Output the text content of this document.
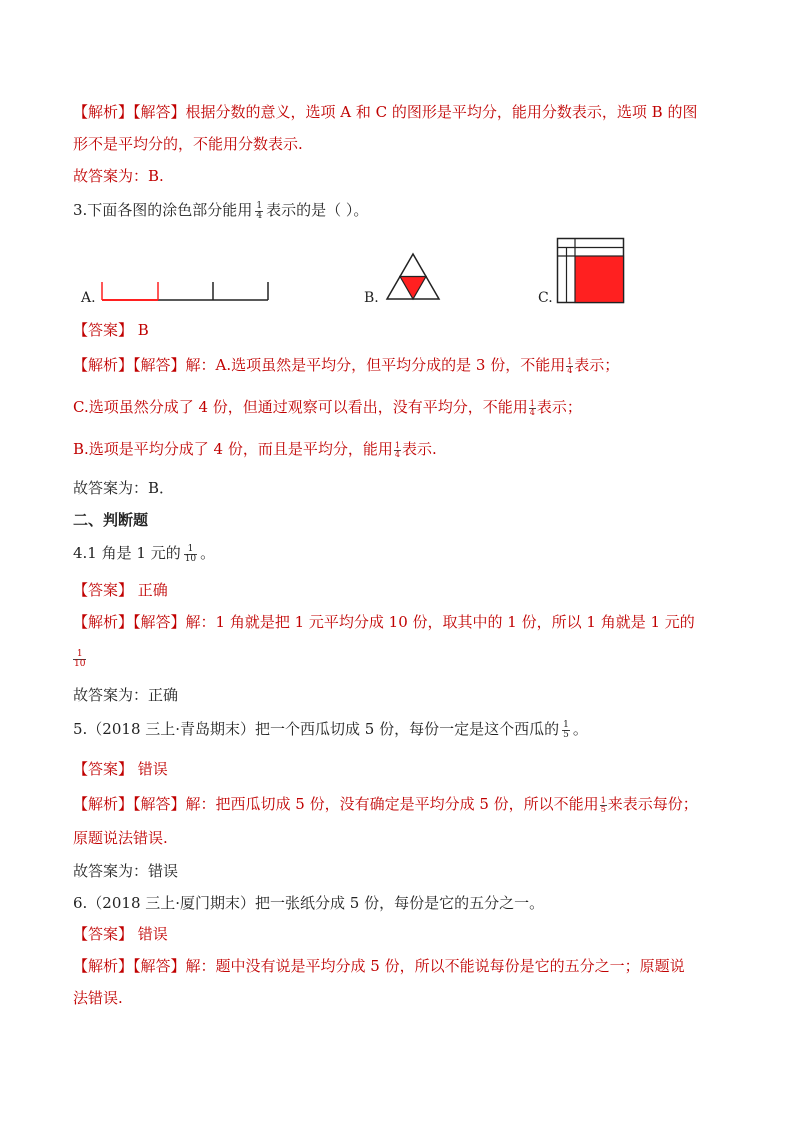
【解析】【解答】根据分数的意义，选项 A 和 C 的图形是平均分，能用分数表示，选项 B 的图
形不是平均分的，不能用分数表示.
故答案为：B.
3.下面各图的涂色部分能用 $\frac{1}{4}$ 表示的是（ ）。
A.	B.	C.
【答案】 B
【解析】【解答】解：A.选项虽然是平均分，但平均分成的是 3 份，不能用 $\frac{1}{4}$ 表示；
C.选项虽然分成了 4 份，但通过观察可以看出，没有平均分，不能用 $\frac{1}{4}$ 表示；
B.选项是平均分成了 4 份，而且是平均分，能用 $\frac{1}{4}$ 表示.
故答案为：B．
二、判断题
4.1 角是 1 元的 $\frac{1}{10}$ 。
【答案】 正确
【解析】【解答】解：1 角就是把 1 元平均分成 10 份，取其中的 1 份，所以 1 角就是 1 元的
$\frac{1}{10}$
故答案为：正确
5.（2018 三上·青岛期末）把一个西瓜切成 5 份，每份一定是这个西瓜的 $\frac{1}{5}$ 。
【答案】 错误
【解析】【解答】解：把西瓜切成 5 份，没有确定是平均分成 5 份，所以不能用 $\frac{1}{5}$ 来表示每份；
原题说法错误.
故答案为：错误
6.（2018 三上·厦门期末）把一张纸分成 5 份，每份是它的五分之一。
【答案】 错误
【解析】【解答】解：题中没有说是平均分成 5 份，所以不能说每份是它的五分之一；原题说
法错误.
